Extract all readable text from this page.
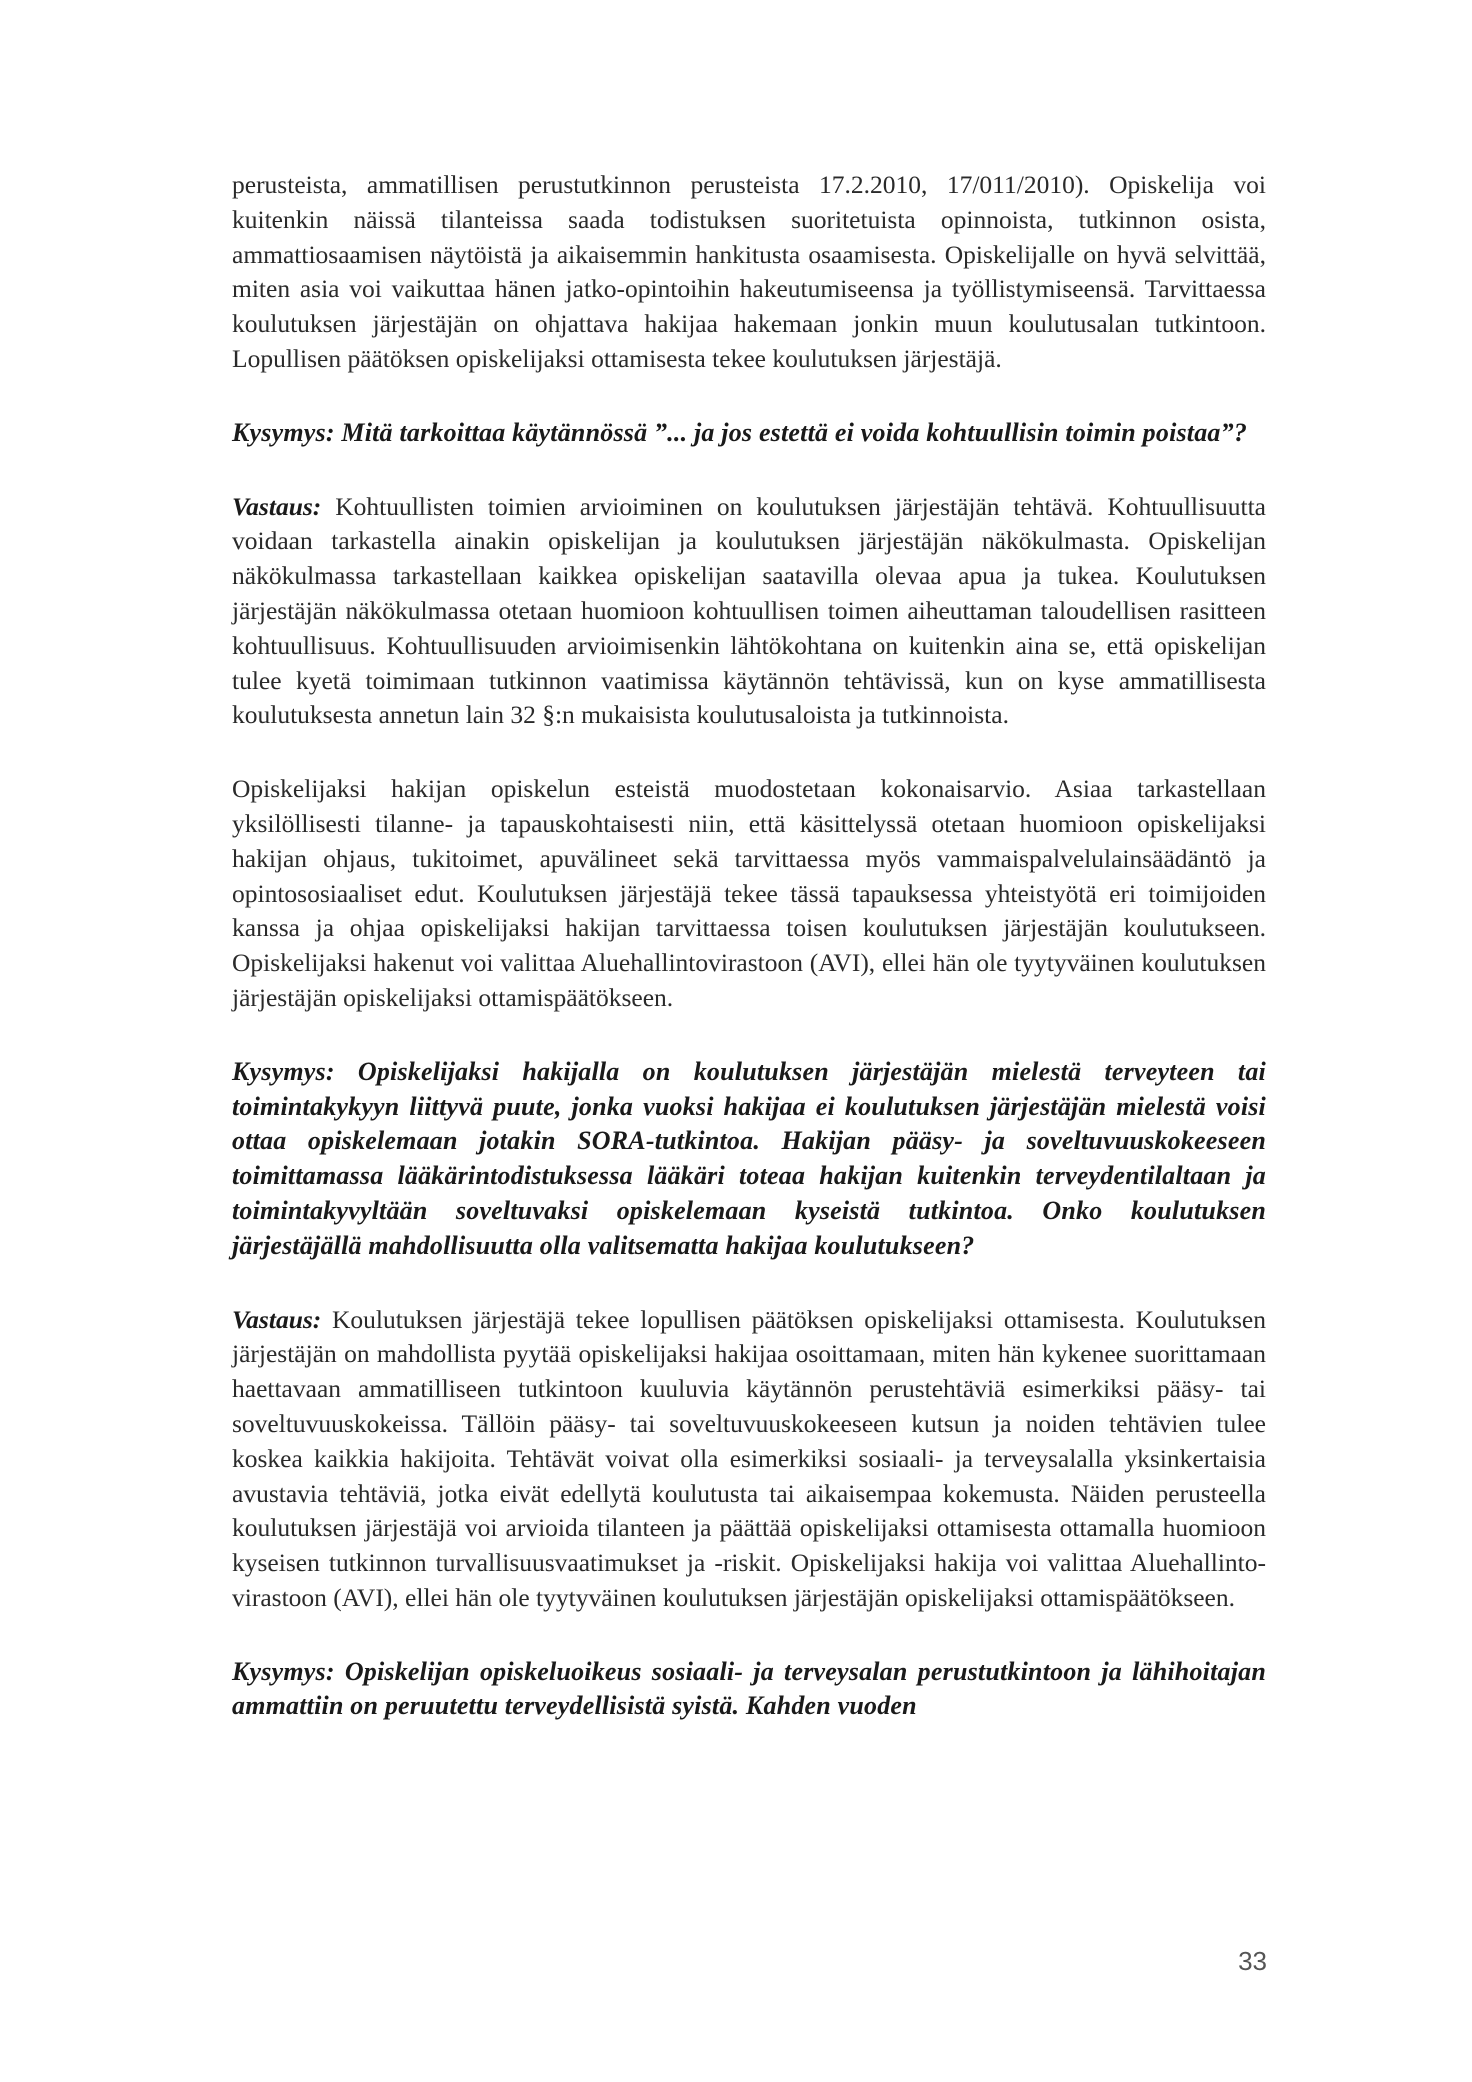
perusteista, ammatillisen perustutkinnon perusteista 17.2.2010, 17/011/2010). Opiskelija voi kuitenkin näissä tilanteissa saada todistuksen suoritetuista opinnoista, tutkinnon osista, ammattiosaamisen näytöistä ja aikaisemmin hankitusta osaamisesta. Opiskelijalle on hyvä selvittää, miten asia voi vaikuttaa hänen jatko-opintoihin hakeutumiseensa ja työllistymiseensä. Tarvittaessa koulutuksen järjestäjän on ohjattava hakijaa hakemaan jonkin muun koulutusalan tutkintoon. Lopullisen päätöksen opiskelijaksi ottamisesta tekee koulutuksen järjestäjä.

Kysymys: Mitä tarkoittaa käytännössä ”... ja jos estettä ei voida kohtuullisin toimin poistaa”?

Vastaus: Kohtuullisten toimien arvioiminen on koulutuksen järjestäjän tehtävä. Kohtuullisuutta voidaan tarkastella ainakin opiskelijan ja koulutuksen järjestäjän näkökulmasta. Opiskelijan näkökulmassa tarkastellaan kaikkea opiskelijan saatavilla olevaa apua ja tukea. Koulutuksen järjestäjän näkökulmassa otetaan huomioon kohtuullisen toimen aiheuttaman taloudellisen rasitteen kohtuullisuus. Kohtuullisuuden arvioimisenkin lähtökohtana on kuitenkin aina se, että opiskelijan tulee kyetä toimimaan tutkinnon vaatimissa käytännön tehtävissä, kun on kyse ammatillisesta koulutuksesta annetun lain 32 §:n mukaisista koulutusaloista ja tutkinnoista.

Opiskelijaksi hakijan opiskelun esteistä muodostetaan kokonaisarvio. Asiaa tarkastellaan yksilöllisesti tilanne- ja tapauskohtaisesti niin, että käsittelyssä otetaan huomioon opiskelijaksi hakijan ohjaus, tukitoimet, apuvälineet sekä tarvittaessa myös vammaispalvelulainsäädäntö ja opintososiaaliset edut. Koulutuksen järjestäjä tekee tässä tapauksessa yhteistyötä eri toimijoiden kanssa ja ohjaa opiskelijaksi hakijan tarvittaessa toisen koulutuksen järjestäjän koulutukseen. Opiskelijaksi hakenut voi valittaa Aluehallintovirastoon (AVI), ellei hän ole tyytyväinen koulutuksen järjestäjän opiskelijaksi ottamispäätökseen.

Kysymys: Opiskelijaksi hakijalla on koulutuksen järjestäjän mielestä terveyteen tai toimintakykyyn liittyvä puute, jonka vuoksi hakijaa ei koulutuksen järjestäjän mielestä voisi ottaa opiskelemaan jotakin SORA-tutkintoa. Hakijan pääsy- ja soveltuvuuskokeeseen toimittamassa lääkärintodistuksessa lääkäri toteaa hakijan kuitenkin terveydentilaltaan ja toimintakyvyltään soveltuvaksi opiskelemaan kyseistä tutkintoa. Onko koulutuksen järjestäjällä mahdollisuutta olla valitsematta hakijaa koulutukseen?

Vastaus: Koulutuksen järjestäjä tekee lopullisen päätöksen opiskelijaksi ottamisesta. Koulutuksen järjestäjän on mahdollista pyytää opiskelijaksi hakijaa osoittamaan, miten hän kykenee suorittamaan haettavaan ammatilliseen tutkintoon kuuluvia käytännön perustehtäviä esimerkiksi pääsy- tai soveltuvuuskokeissa. Tällöin pääsy- tai soveltuvuuskokeeseen kutsun ja noiden tehtävien tulee koskea kaikkia hakijoita. Tehtävät voivat olla esimerkiksi sosiaali- ja terveysalalla yksinkertaisia avustavia tehtäviä, jotka eivät edellytä koulutusta tai aikaisempaa kokemusta. Näiden perusteella koulutuksen järjestäjä voi arvioida tilanteen ja päättää opiskelijaksi ottamisesta ottamalla huomioon kyseisen tutkinnon turvallisuusvaatimukset ja -riskit. Opiskelijaksi hakija voi valittaa Aluehallintovirastoon (AVI), ellei hän ole tyytyväinen koulutuksen järjestäjän opiskelijaksi ottamispäätökseen.

Kysymys: Opiskelijan opiskeluoikeus sosiaali- ja terveysalan perustutkintoon ja lähihoitajan ammattiin on peruutettu terveydellisistä syistä. Kahden vuoden

33
